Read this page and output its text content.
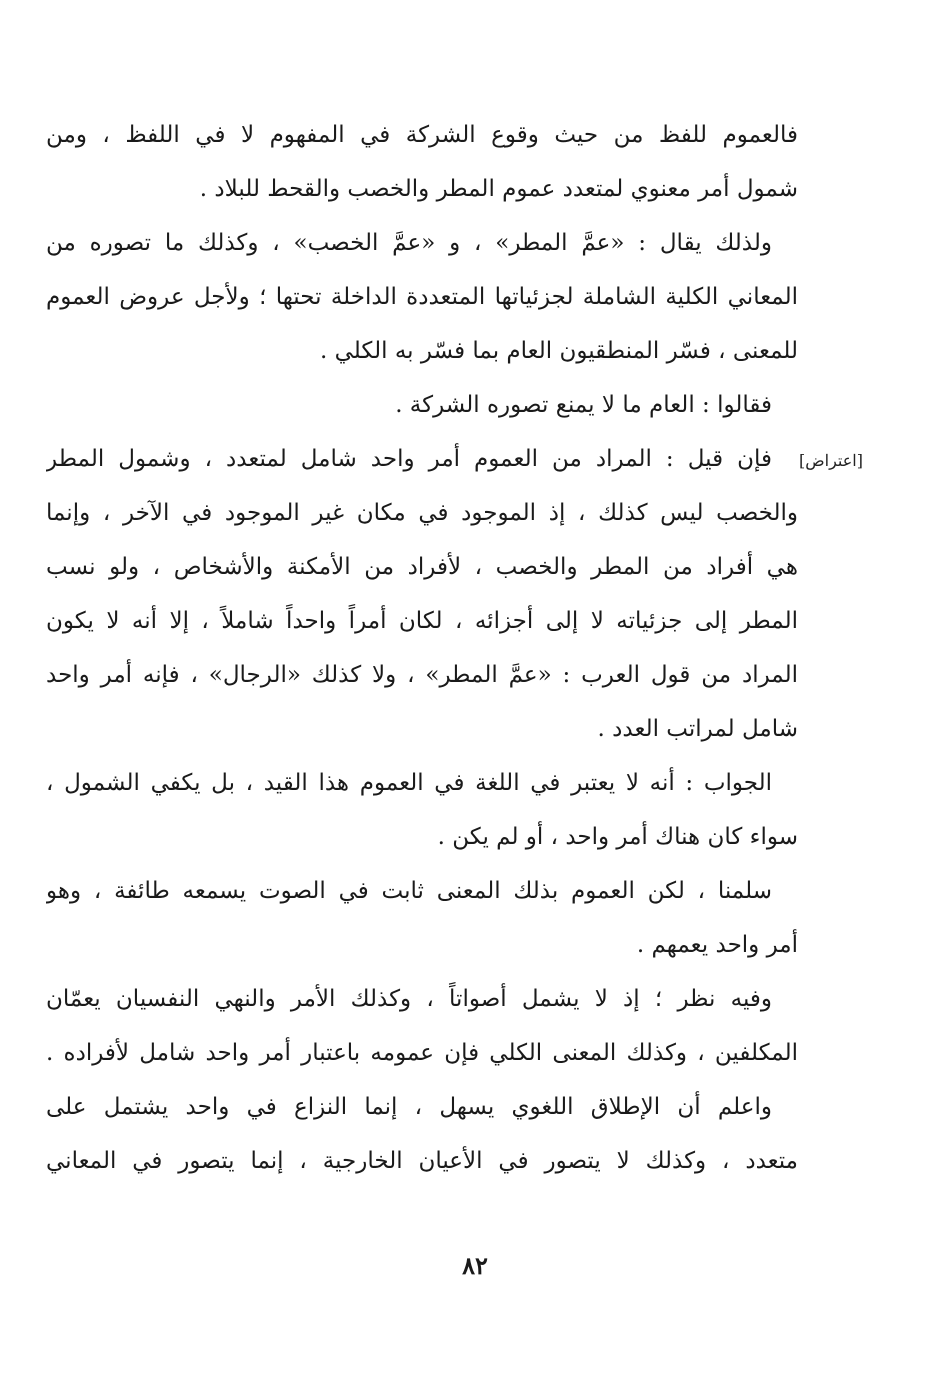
فالعموم للفظ من حيث وقوع الشركة في المفهوم لا في اللفظ ، ومن
شمول أمر معنوي لمتعدد عموم المطر والخصب والقحط للبلاد .
ولذلك يقال : «عمَّ المطر» ، و «عمَّ الخصب» ، وكذلك ما تصوره من
المعاني الكلية الشاملة لجزئياتها المتعددة الداخلة تحتها ؛ ولأجل عروض العموم
للمعنى ، فسّر المنطقيون العام بما فسّر به الكلي .
فقالوا : العام ما لا يمنع تصوره الشركة .
فإن قيل : المراد من العموم أمر واحد شامل لمتعدد ، وشمول المطر
والخصب ليس كذلك ، إذ الموجود في مكان غير الموجود في الآخر ، وإنما
هي أفراد من المطر والخصب ، لأفراد من الأمكنة والأشخاص ، ولو نسب
المطر إلى جزئياته لا إلى أجزائه ، لكان أمراً واحداً شاملاً ، إلا أنه لا يكون
المراد من قول العرب : «عمَّ المطر» ، ولا كذلك «الرجال» ، فإنه أمر واحد
شامل لمراتب العدد .
الجواب : أنه لا يعتبر في اللغة في العموم هذا القيد ، بل يكفي الشمول ،
سواء كان هناك أمر واحد ، أو لم يكن .
سلمنا ، لكن العموم بذلك المعنى ثابت في الصوت يسمعه طائفة ، وهو
أمر واحد يعمهم .
وفيه نظر ؛ إذ لا يشمل أصواتاً ، وكذلك الأمر والنهي النفسيان يعمّان
المكلفين ، وكذلك المعنى الكلي فإن عمومه باعتبار أمر واحد شامل لأفراده .
واعلم أن الإطلاق اللغوي يسهل ، إنما النزاع في واحد يشتمل على
متعدد ، وكذلك لا يتصور في الأعيان الخارجية ، إنما يتصور في المعاني
[اعتراض]
٨٢
